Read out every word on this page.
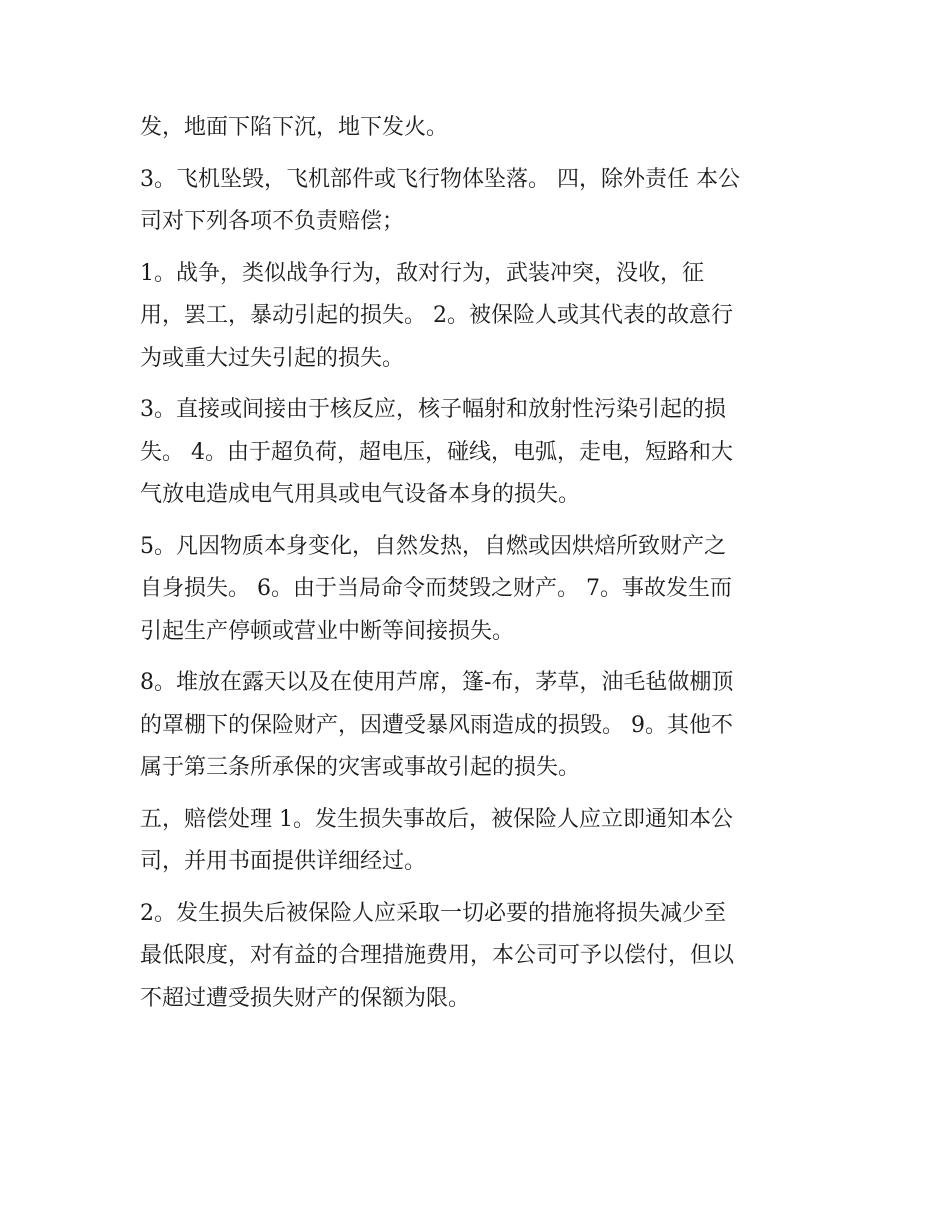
发，地面下陷下沉，地下发火。

3。飞机坠毁，飞机部件或飞行物体坠落。 四，除外责任 本公
司对下列各项不负责赔偿；

1。战争，类似战争行为，敌对行为，武装冲突，没收，征
用，罢工，暴动引起的损失。 2。被保险人或其代表的故意行
为或重大过失引起的损失。

3。直接或间接由于核反应，核子幅射和放射性污染引起的损
失。 4。由于超负荷，超电压，碰线，电弧，走电，短路和大
气放电造成电气用具或电气设备本身的损失。

5。凡因物质本身变化，自然发热，自燃或因烘焙所致财产之
自身损失。 6。由于当局命令而焚毁之财产。 7。事故发生而
引起生产停顿或营业中断等间接损失。

8。堆放在露天以及在使用芦席，篷-布，茅草，油毛毡做棚顶
的罩棚下的保险财产，因遭受暴风雨造成的损毁。 9。其他不
属于第三条所承保的灾害或事故引起的损失。

五，赔偿处理 1。发生损失事故后，被保险人应立即通知本公
司，并用书面提供详细经过。

2。发生损失后被保险人应采取一切必要的措施将损失减少至
最低限度，对有益的合理措施费用，本公司可予以偿付，但以
不超过遭受损失财产的保额为限。
